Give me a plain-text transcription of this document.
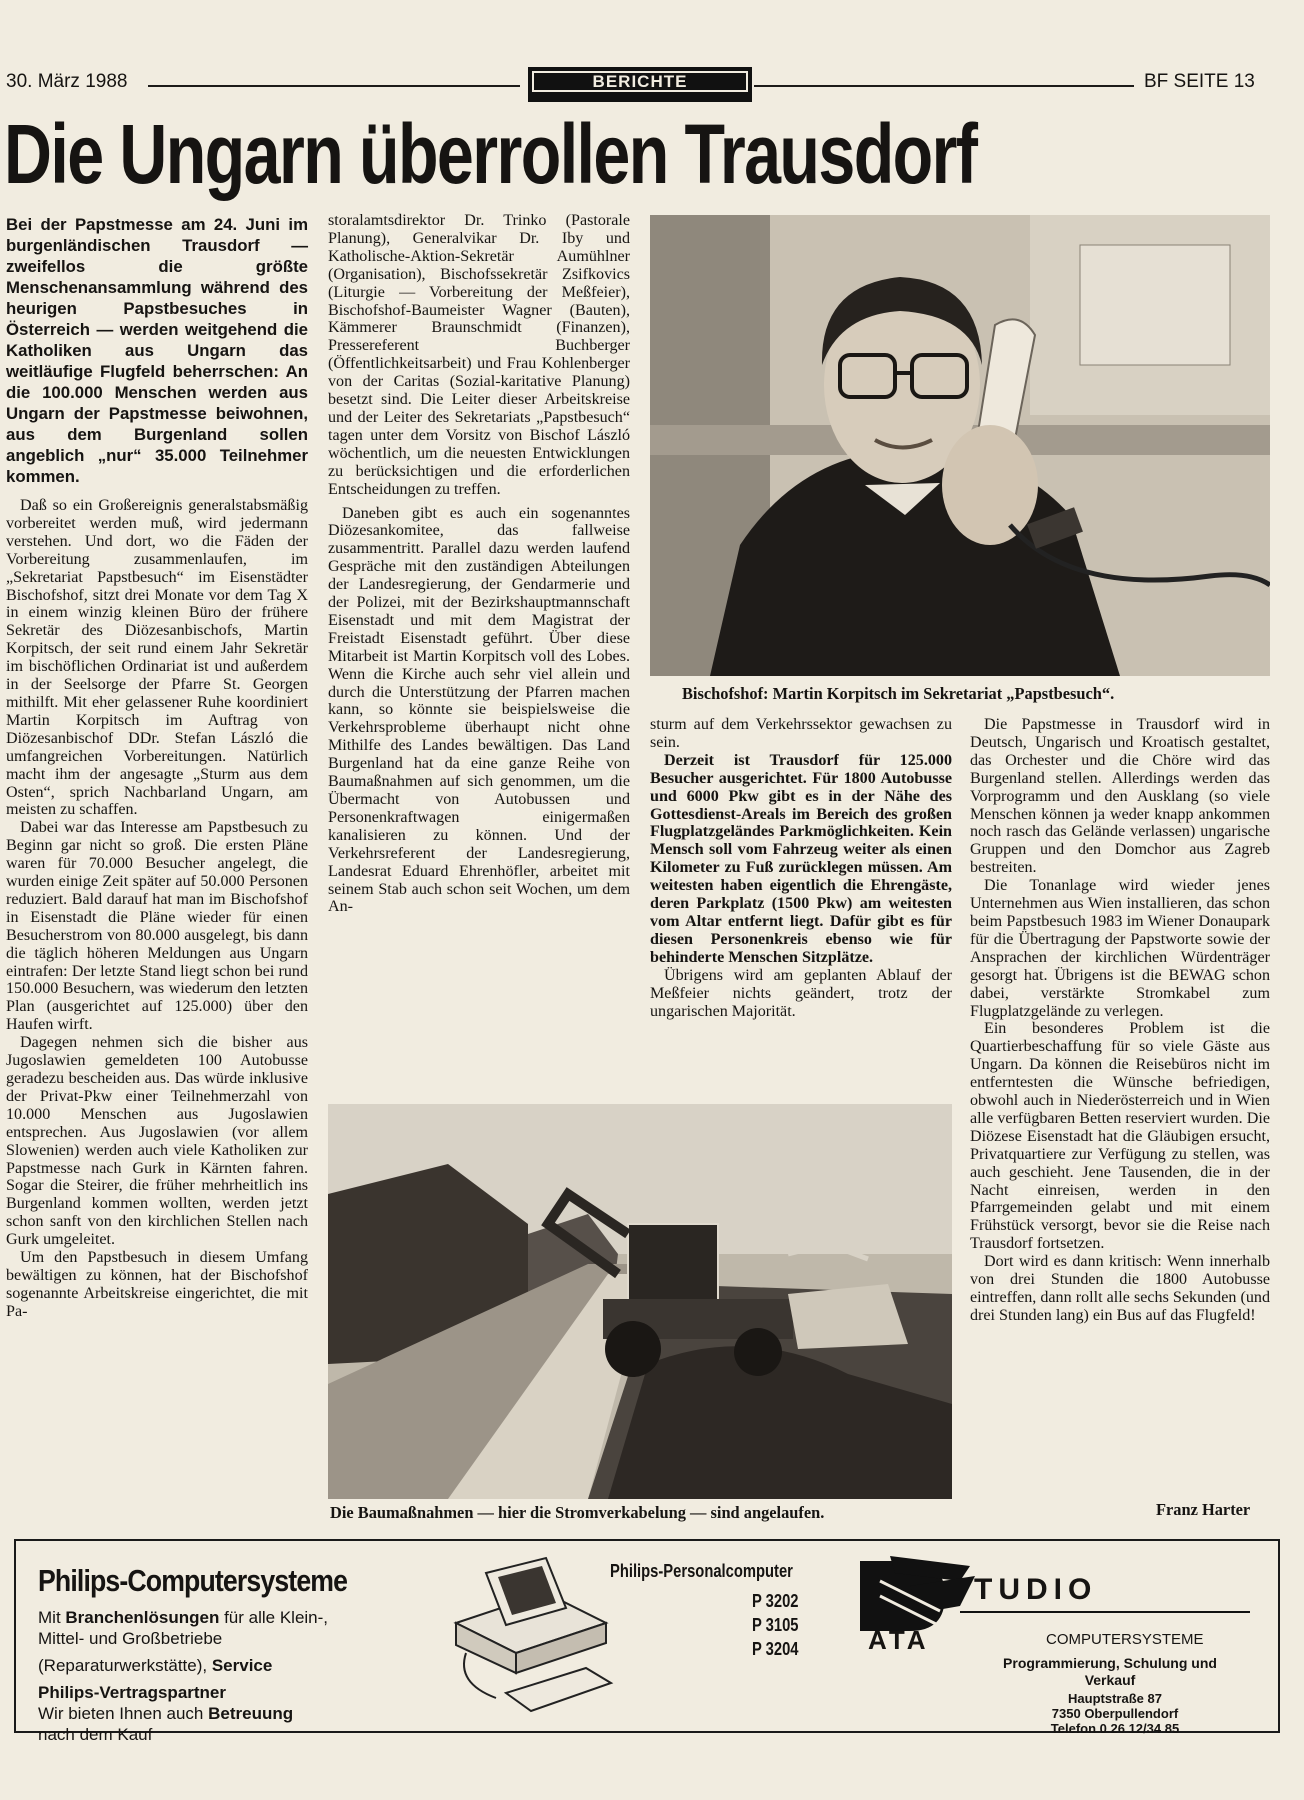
30. März 1988	BERICHTE	BF SEITE 13
Die Ungarn überrollen Trausdorf
Bei der Papstmesse am 24. Juni im burgenländischen Trausdorf — zweifellos die größte Menschenansammlung während des heurigen Papstbesuches in Österreich — werden weitgehend die Katholiken aus Ungarn das weitläufige Flugfeld beherrschen: An die 100.000 Menschen werden aus Ungarn der Papstmesse beiwohnen, aus dem Burgenland sollen angeblich „nur“ 35.000 Teilnehmer kommen.

Daß so ein Großereignis generalstabsmäßig vorbereitet werden muß, wird jedermann verstehen. Und dort, wo die Fäden der Vorbereitung zusammenlaufen, im „Sekretariat Papstbesuch“ im Eisenstädter Bischofshof, sitzt drei Monate vor dem Tag X in einem winzig kleinen Büro der frühere Sekretär des Diözesanbischofs, Martin Korpitsch, der seit rund einem Jahr Sekretär im bischöflichen Ordinariat ist und außerdem in der Seelsorge der Pfarre St. Georgen mithilft. Mit eher gelassener Ruhe koordiniert Martin Korpitsch im Auftrag von Diözesanbischof DDr. Stefan László die umfangreichen Vorbereitungen. Natürlich macht ihm der angesagte „Sturm aus dem Osten“, sprich Nachbarland Ungarn, am meisten zu schaffen.

Dabei war das Interesse am Papstbesuch zu Beginn gar nicht so groß. Die ersten Pläne waren für 70.000 Besucher angelegt, die wurden einige Zeit später auf 50.000 Personen reduziert. Bald darauf hat man im Bischofshof in Eisenstadt die Pläne wieder für einen Besucherstrom von 80.000 ausgelegt, bis dann die täglich höheren Meldungen aus Ungarn eintrafen: Der letzte Stand liegt schon bei rund 150.000 Besuchern, was wiederum den letzten Plan (ausgerichtet auf 125.000) über den Haufen wirft.

Dagegen nehmen sich die bisher aus Jugoslawien gemeldeten 100 Autobusse geradezu bescheiden aus. Das würde inklusive der Privat-Pkw einer Teilnehmerzahl von 10.000 Menschen aus Jugoslawien entsprechen. Aus Jugoslawien (vor allem Slowenien) werden auch viele Katholiken zur Papstmesse nach Gurk in Kärnten fahren. Sogar die Steirer, die früher mehrheitlich ins Burgenland kommen wollten, werden jetzt schon sanft von den kirchlichen Stellen nach Gurk umgeleitet.

Um den Papstbesuch in diesem Umfang bewältigen zu können, hat der Bischofshof sogenannte Arbeitskreise eingerichtet, die mit Pa-

storalamtsdirektor Dr. Trinko (Pastorale Planung), Generalvikar Dr. Iby und Katholische-Aktion-Sekretär Aumühlner (Organisation), Bischofssekretär Zsifkovics (Liturgie — Vorbereitung der Meßfeier), Bischofshof-Baumeister Wagner (Bauten), Kämmerer Braunschmidt (Finanzen), Pressereferent Buchberger (Öffentlichkeitsarbeit) und Frau Kohlenberger von der Caritas (Sozial-karitative Planung) besetzt sind. Die Leiter dieser Arbeitskreise und der Leiter des Sekretariats „Papstbesuch“ tagen unter dem Vorsitz von Bischof László wöchentlich, um die neuesten Entwicklungen zu berücksichtigen und die erforderlichen Entscheidungen zu treffen.

Daneben gibt es auch ein sogenanntes Diözesankomitee, das fallweise zusammentritt. Parallel dazu werden laufend Gespräche mit den zuständigen Abteilungen der Landesregierung, der Gendarmerie und der Polizei, mit der Bezirkshauptmannschaft Eisenstadt und mit dem Magistrat der Freistadt Eisenstadt geführt. Über diese Mitarbeit ist Martin Korpitsch voll des Lobes. Wenn die Kirche auch sehr viel allein und durch die Unterstützung der Pfarren machen kann, so könnte sie beispielsweise die Verkehrsprobleme überhaupt nicht ohne Mithilfe des Landes bewältigen. Das Land Burgenland hat da eine ganze Reihe von Baumaßnahmen auf sich genommen, um die Übermacht von Autobussen und Personenkraftwagen einigermaßen kanalisieren zu können. Und der Verkehrsreferent der Landesregierung, Landesrat Eduard Ehrenhöfler, arbeitet mit seinem Stab auch schon seit Wochen, um dem An-

Bischofshof: Martin Korpitsch im Sekretariat „Papstbesuch“.

sturm auf dem Verkehrssektor gewachsen zu sein.

Derzeit ist Trausdorf für 125.000 Besucher ausgerichtet. Für 1800 Autobusse und 6000 Pkw gibt es in der Nähe des Gottesdienst-Areals im Bereich des großen Flugplatzgeländes Parkmöglichkeiten. Kein Mensch soll vom Fahrzeug weiter als einen Kilometer zu Fuß zurücklegen müssen. Am weitesten haben eigentlich die Ehrengäste, deren Parkplatz (1500 Pkw) am weitesten vom Altar entfernt liegt. Dafür gibt es für diesen Personenkreis ebenso wie für behinderte Menschen Sitzplätze.

Übrigens wird am geplanten Ablauf der Meßfeier nichts geändert, trotz der ungarischen Majorität.

Die Papstmesse in Trausdorf wird in Deutsch, Ungarisch und Kroatisch gestaltet, das Orchester und die Chöre wird das Burgenland stellen. Allerdings werden das Vorprogramm und den Ausklang (so viele Menschen können ja weder knapp ankommen noch rasch das Gelände verlassen) ungarische Gruppen und den Domchor aus Zagreb bestreiten.

Die Tonanlage wird wieder jenes Unternehmen aus Wien installieren, das schon beim Papstbesuch 1983 im Wiener Donaupark für die Übertragung der Papstworte sowie der Ansprachen der kirchlichen Würdenträger gesorgt hat. Übrigens ist die BEWAG schon dabei, verstärkte Stromkabel zum Flugplatzgelände zu verlegen.

Ein besonderes Problem ist die Quartierbeschaffung für so viele Gäste aus Ungarn. Da können die Reisebüros nicht im entferntesten die Wünsche befriedigen, obwohl auch in Niederösterreich und in Wien alle verfügbaren Betten reserviert wurden. Die Diözese Eisenstadt hat die Gläubigen ersucht, Privatquartiere zur Verfügung zu stellen, was auch geschieht. Jene Tausenden, die in der Nacht einreisen, werden in den Pfarrgemeinden gelabt und mit einem Frühstück versorgt, bevor sie die Reise nach Trausdorf fortsetzen.

Dort wird es dann kritisch: Wenn innerhalb von drei Stunden die 1800 Autobusse eintreffen, dann rollt alle sechs Sekunden (und drei Stunden lang) ein Bus auf das Flugfeld!

Franz Harter
Die Baumaßnahmen — hier die Stromverkabelung — sind angelaufen.
Philips-Computersysteme
Mit Branchenlösungen für alle Klein-,
Mittel- und Großbetriebe
(Reparaturwerkstätte), Service
Philips-Vertragspartner
Wir bieten Ihnen auch Betreuung
nach dem Kauf
Philips-Personalcomputer
P 3202
P 3105
P 3204
TUDIO
ATA	COMPUTERSYSTEME
Programmierung, Schulung und Verkauf
Hauptstraße 87
7350 Oberpullendorf
Telefon 0 26 12/34 85
